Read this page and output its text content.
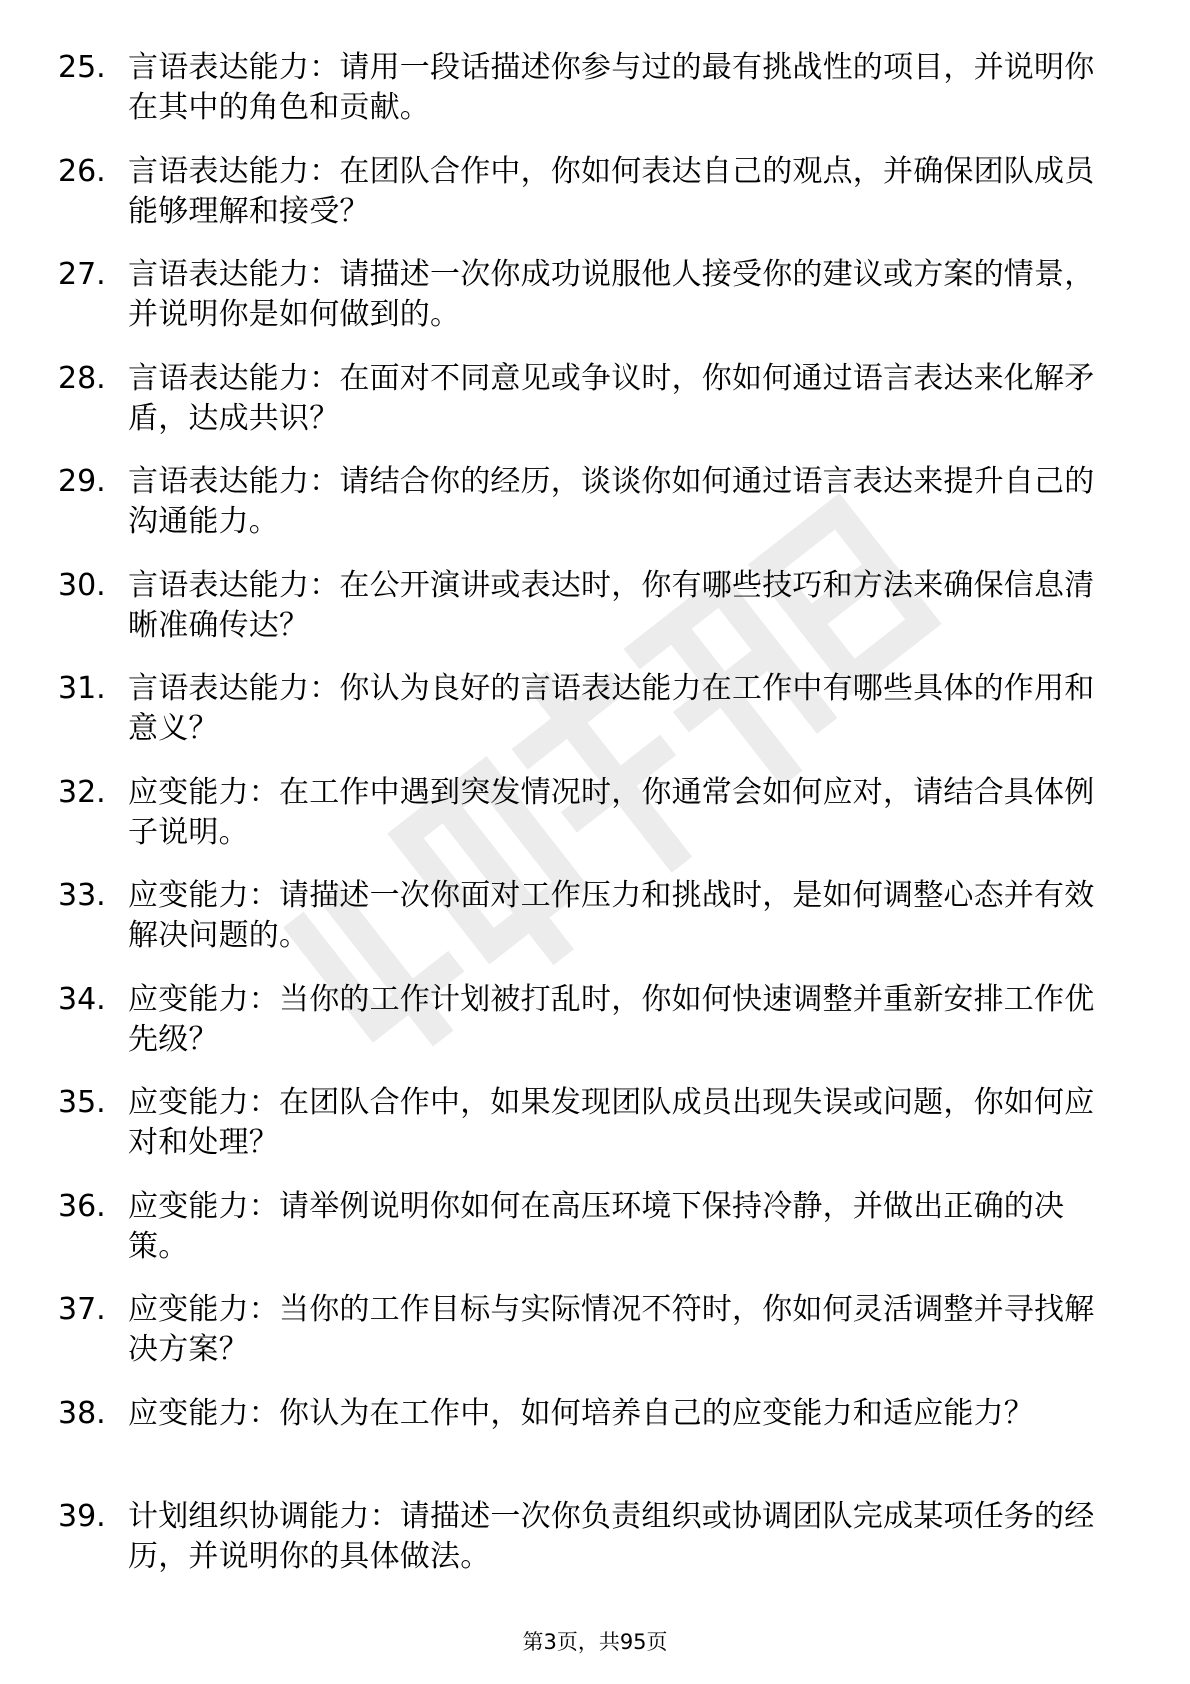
25. 言语表达能力：请用一段话描述你参与过的最有挑战性的项目，并说明你在其中的角色和贡献。
26. 言语表达能力：在团队合作中，你如何表达自己的观点，并确保团队成员能够理解和接受？
27. 言语表达能力：请描述一次你成功说服他人接受你的建议或方案的情景，并说明你是如何做到的。
28. 言语表达能力：在面对不同意见或争议时，你如何通过语言表达来化解矛盾，达成共识？
29. 言语表达能力：请结合你的经历，谈谈你如何通过语言表达来提升自己的沟通能力。
30. 言语表达能力：在公开演讲或表达时，你有哪些技巧和方法来确保信息清晰准确传达？
31. 言语表达能力：你认为良好的言语表达能力在工作中有哪些具体的作用和意义？
32. 应变能力：在工作中遇到突发情况时，你通常会如何应对，请结合具体例子说明。
33. 应变能力：请描述一次你面对工作压力和挑战时，是如何调整心态并有效解决问题的。
34. 应变能力：当你的工作计划被打乱时，你如何快速调整并重新安排工作优先级？
35. 应变能力：在团队合作中，如果发现团队成员出现失误或问题，你如何应对和处理？
36. 应变能力：请举例说明你如何在高压环境下保持冷静，并做出正确的决策。
37. 应变能力：当你的工作目标与实际情况不符时，你如何灵活调整并寻找解决方案？
38. 应变能力：你认为在工作中，如何培养自己的应变能力和适应能力？
39. 计划组织协调能力：请描述一次你负责组织或协调团队完成某项任务的经历，并说明你的具体做法。
第3页，共95页
